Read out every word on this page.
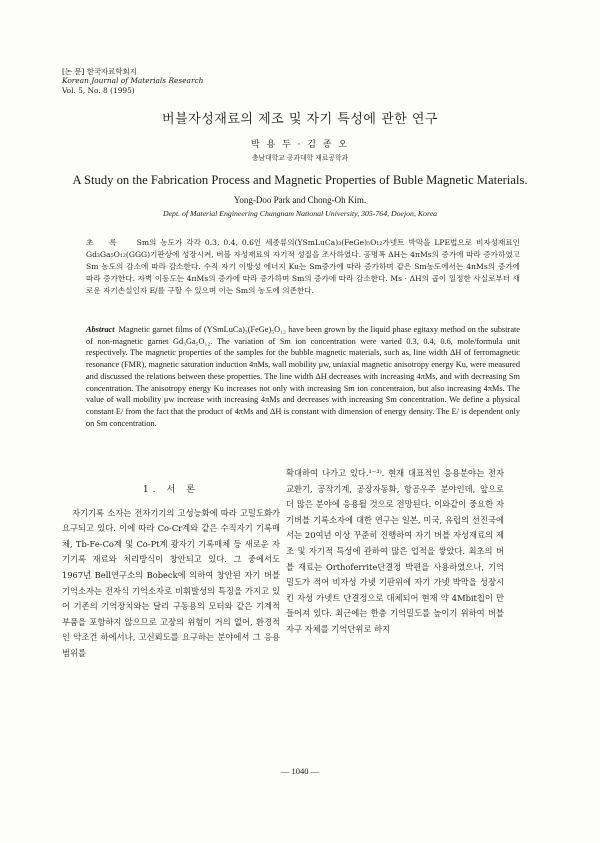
[논 문] 한국자료학회지
Korean Journal of Materials Research
Vol. 5, No. 8 (1995)
버블자성재료의 제조 및 자기 특성에 관한 연구
박 용 두 · 김 종 오
충남대학교 공과대학 재료공학과
A Study on the Fabrication Process and Magnetic Properties of Buble Magnetic Materials.
Yong-Doo Park and Chong-Oh Kim.
Dept. of Material Engineering Chungnam National University, 305-764, Doejon, Korea
초 록 Sm의 농도가 각각 0.3, 0.4, 0.6인 세종류의(YSmLuCa)₃(FeGe)₅O₁₂가넷트 박막을 LPE법으로 비자성재료인 Gd₃Ga₅O₁₂(GGG)기판상에 성장시켜, 버블 자성재료의 자기적 성질을 조사하였다. 공명폭 ΔH는 4πMs의 증가에 따라 증가하였고 Sm 농도의 감소에 따라 감소한다. 수직 자기 이방성 에너지 Ku는 Sm증가에 따라 증가하며 같은 Sm농도에서는 4πMs의 증가에 따라 증가한다. 자벽 이동도는 4πMs의 증가에 따라 증가하며 Sm의 증가에 따라 감소한다. Ms · ΔH의 곱이 일정한 사실로부터 새로운 자기손실인자 E/를 구할 수 있으며 이는 Sm의 농도에 의존한다.
Abstract Magnetic garnet films of (YSmLuCa)₃(FeGe)₅O₁₂ have been grown by the liquid phase egitaxy method on the substrate of non-magnetic garnet Gd₃Ga₅O₁₂. The variation of Sm ion concentration were varied 0.3, 0.4, 0.6, mole/formula unit respectively. The magnetic properties of the samples for the bubble magnetic materials, such as, line width ΔH of ferromagnetic resonance (FMR), magnetic saturation induction 4πMs, wall mobility μw, uniaxial magnetic anisotropy energy Ku, were measured and discussed the relations between these properties. The line width ΔH decreases with increasing 4πMs, and with decreasing Sm concentration. The anisotropy energy Ku increases not only with increasing Sm ion concentraion, but also increasing 4πMs. The value of wall mobility μw increase with increasing 4πMs and decreases with increasing Sm concentration. We define a physical constant E/ from the fact that the product of 4πMs and ΔH is constant with dimension of energy density. The E/ is dependent only on Sm concentration.
1. 서 론

자기기록 소자는 전자기기의 고성능화에 따라 고밀도화가 요구되고 있다. 이에 따라 Co-Cr계와 같은 수직자기 기록매체, Tb-Fe-Co계 및 Co-Pt계 광자기 기록매체 등 새로운 자기기록 재료와 처리방식이 창안되고 있다. 그 중에서도 1967년 Bell연구소의 Bobeck에 의하여 창안된 자기 버블 기억소자는 전자식 기억소자로 비휘발성의 특징을 가지고 있어 기존의 기억장치와는 달리 구동용의 모터와 같은 기계적 부품을 포함하지 않으므로 고장의 위험이 거의 없어, 환경적인 악조건 하에서나, 고신뢰도를 요구하는 분야에서 그 응용범위를

확대하여 나가고 있다.¹⁻³⁾. 현재 대표적인 응용분야는 전자교환기, 공작기계, 공장자동화, 항공우주 분야인데, 앞으로 더 많은 분야에 응용될 것으로 전망된다. 이와같이 중요한 자기버블 기록소자에 대한 연구는 일본, 미국, 유럽의 선진국에서는 20여년 이상 꾸준히 진행하여 자기 버블 자성재료의 제조 및 자기적 특성에 관하여 많은 업적을 쌓았다. 최초의 버블 재료는 Orthoferrite단결정 박편을 사용하였으나, 기억밀도가 적어 비자성 가넷 기판위에 자기 가넷 박막을 성장시킨 자성 가넷트 단결정으로 대체되어 현재 약 4Mbit칩이 만들어져 있다. 최근에는 한층 기억밀도를 높이기 위하여 버블 자구 자체를 기억단위로 하지

— 1040 —
